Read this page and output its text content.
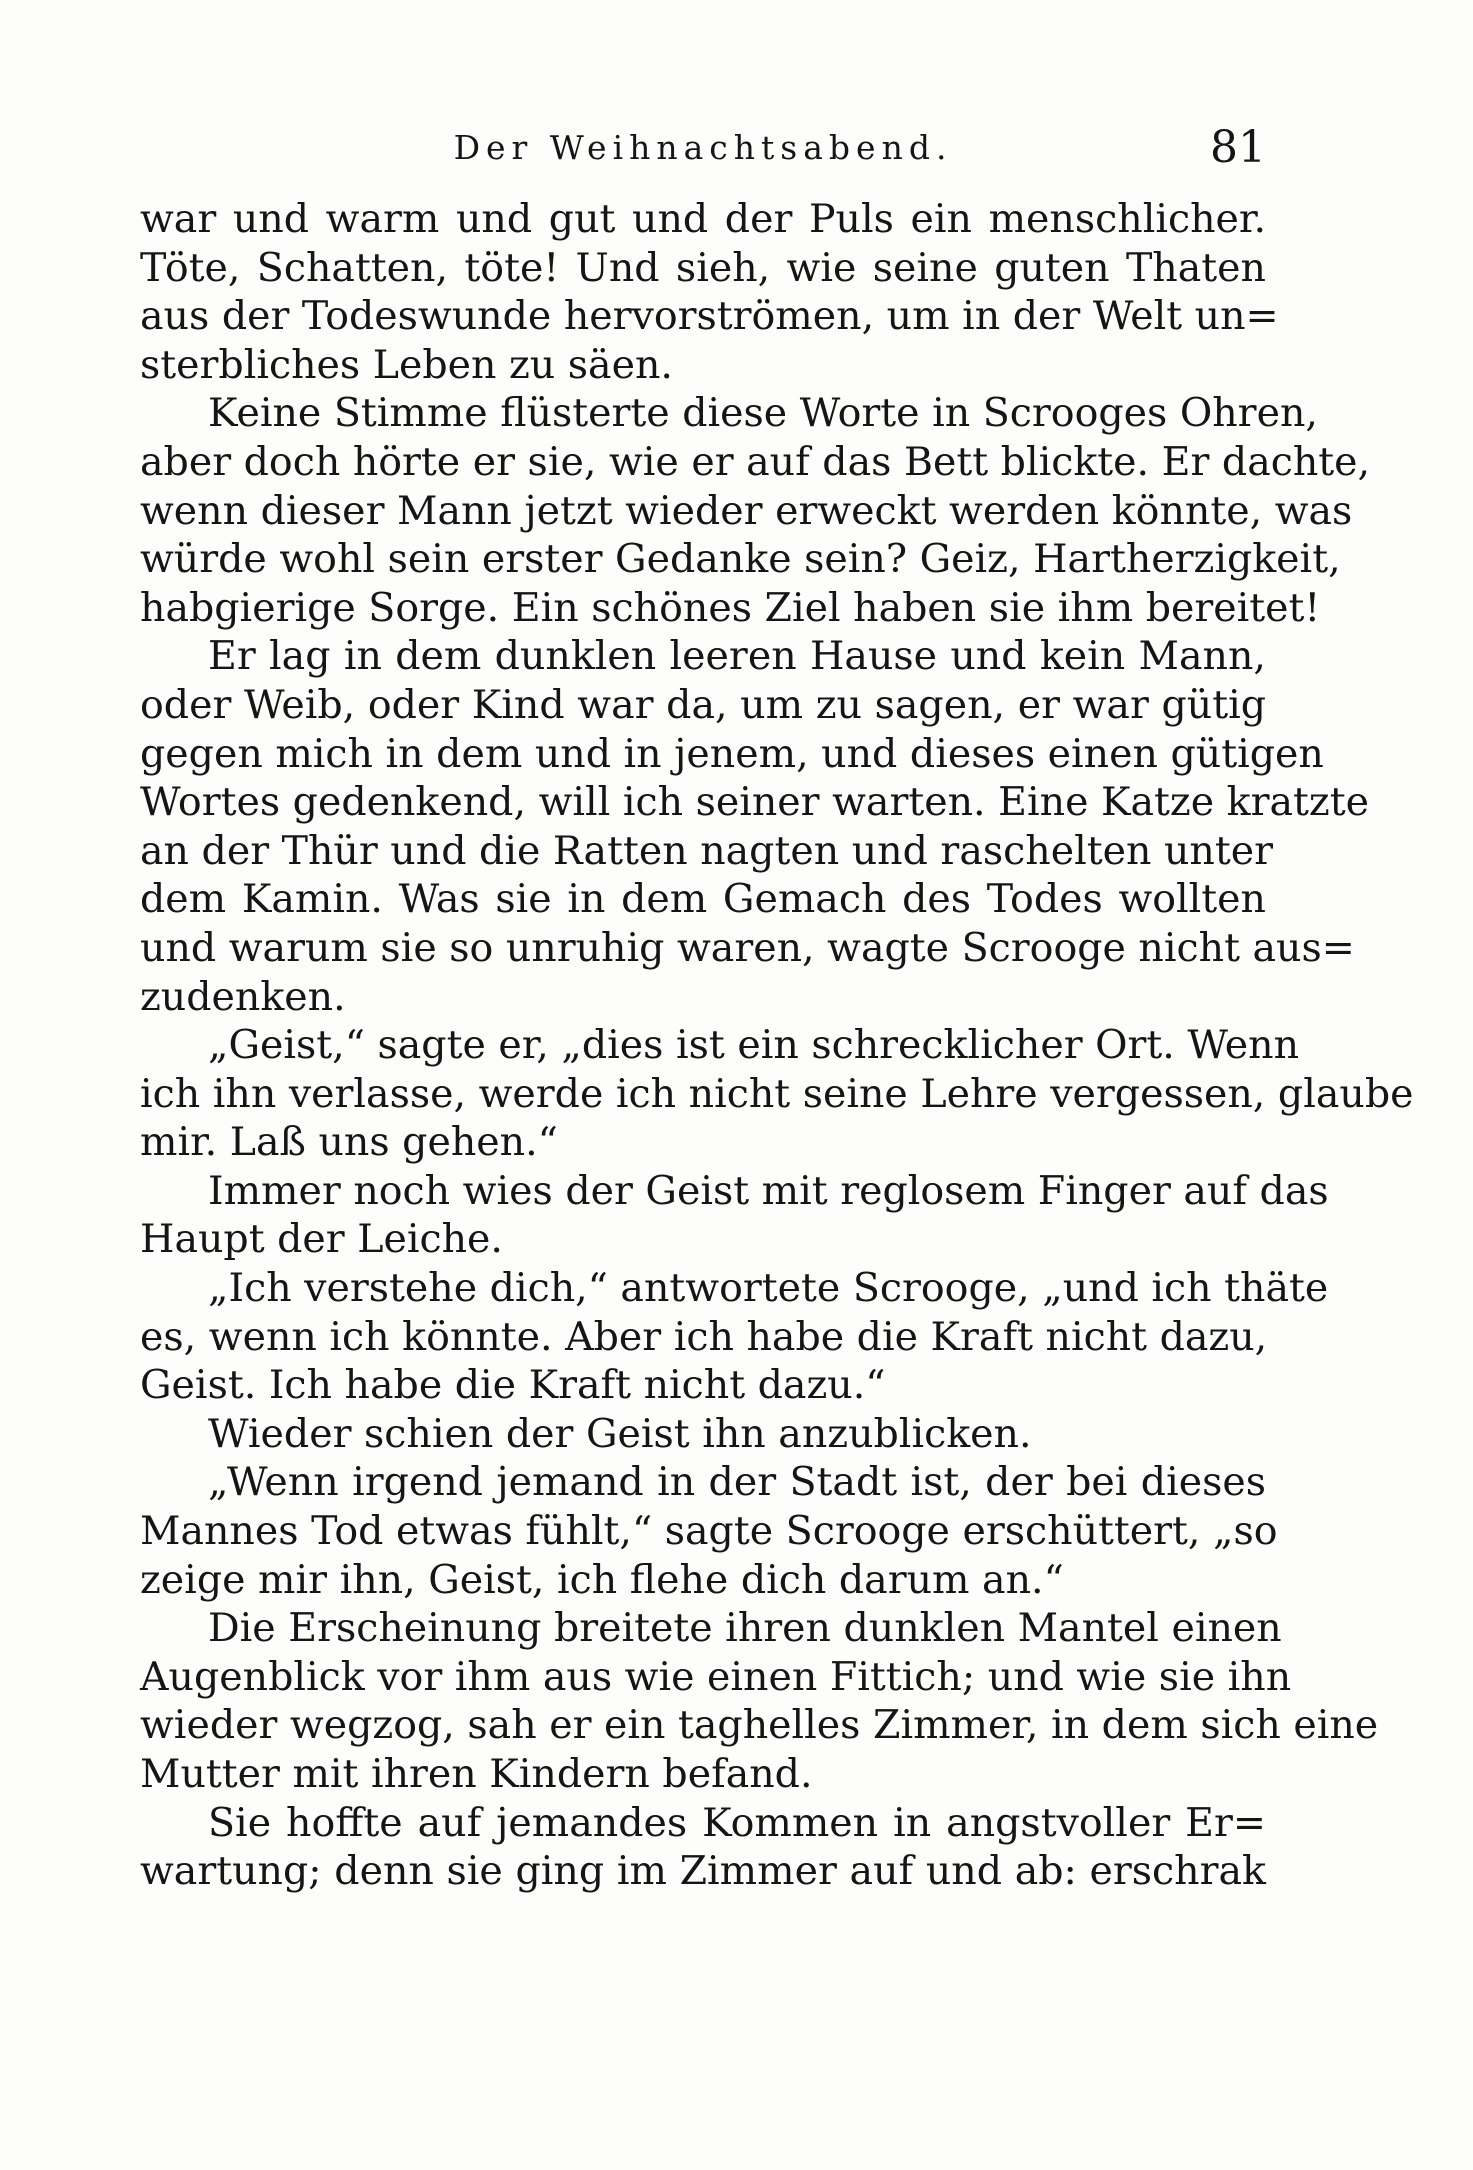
Der Weihnachtsabend.	81
war und warm und gut und der Puls ein menschlicher.
Töte, Schatten, töte! Und sieh, wie seine guten Thaten
aus der Todeswunde hervorströmen, um in der Welt un=
sterbliches Leben zu säen.
Keine Stimme flüsterte diese Worte in Scrooges Ohren,
aber doch hörte er sie, wie er auf das Bett blickte. Er dachte,
wenn dieser Mann jetzt wieder erweckt werden könnte, was
würde wohl sein erster Gedanke sein? Geiz, Hartherzigkeit,
habgierige Sorge. Ein schönes Ziel haben sie ihm bereitet!
Er lag in dem dunklen leeren Hause und kein Mann,
oder Weib, oder Kind war da, um zu sagen, er war gütig
gegen mich in dem und in jenem, und dieses einen gütigen
Wortes gedenkend, will ich seiner warten. Eine Katze kratzte
an der Thür und die Ratten nagten und raschelten unter
dem Kamin. Was sie in dem Gemach des Todes wollten
und warum sie so unruhig waren, wagte Scrooge nicht aus=
zudenken.
„Geist,“ sagte er, „dies ist ein schrecklicher Ort. Wenn
ich ihn verlasse, werde ich nicht seine Lehre vergessen, glaube
mir. Laß uns gehen.“
Immer noch wies der Geist mit reglosem Finger auf das
Haupt der Leiche.
„Ich verstehe dich,“ antwortete Scrooge, „und ich thäte
es, wenn ich könnte. Aber ich habe die Kraft nicht dazu,
Geist. Ich habe die Kraft nicht dazu.“
Wieder schien der Geist ihn anzublicken.
„Wenn irgend jemand in der Stadt ist, der bei dieses
Mannes Tod etwas fühlt,“ sagte Scrooge erschüttert, „so
zeige mir ihn, Geist, ich flehe dich darum an.“
Die Erscheinung breitete ihren dunklen Mantel einen
Augenblick vor ihm aus wie einen Fittich; und wie sie ihn
wieder wegzog, sah er ein taghelles Zimmer, in dem sich eine
Mutter mit ihren Kindern befand.
Sie hoffte auf jemandes Kommen in angstvoller Er=
wartung; denn sie ging im Zimmer auf und ab: erschrak
